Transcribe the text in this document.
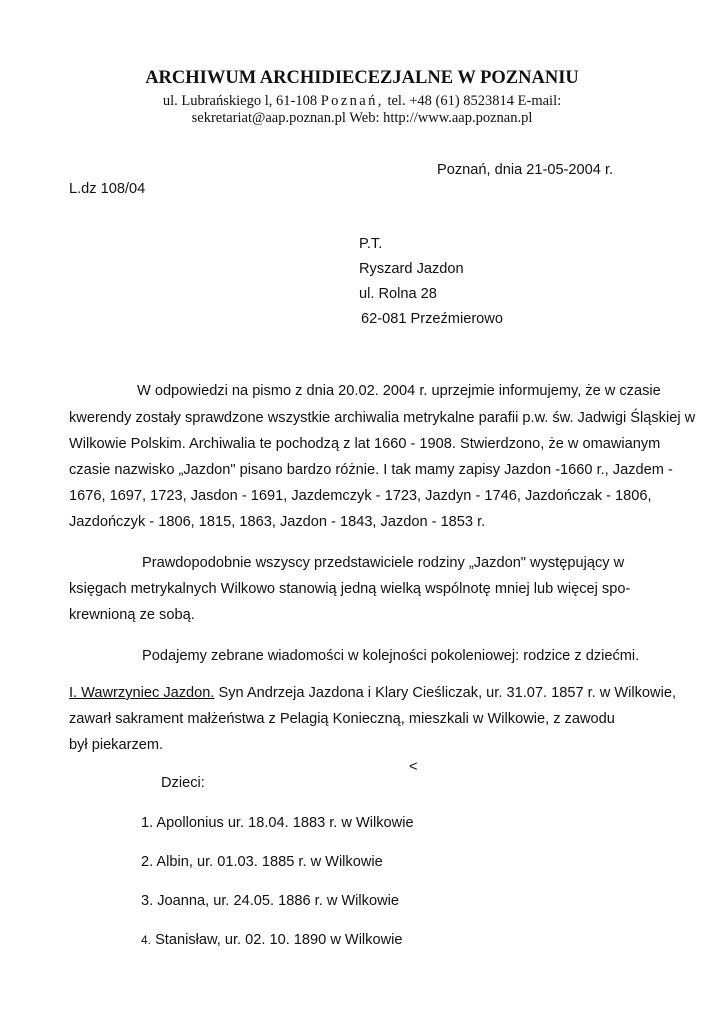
ARCHIWUM ARCHIDIECEZJALNE W POZNANIU
ul. Lubrańskiego l, 61-108 Poznań, tel. +48 (61) 8523814 E-mail:
sekretariat@aap.poznan.pl Web: http://www.aap.poznan.pl
Poznań, dnia 21-05-2004 r.
L.dz 108/04
P.T.
Ryszard Jazdon
ul. Rolna 28
62-081 Przeźmierowo
W odpowiedzi na pismo z dnia 20.02. 2004 r. uprzejmie informujemy, że w czasie
kwerendy zostały sprawdzone wszystkie archiwalia metrykalne parafii p.w. św. Jadwigi Śląskiej w
Wilkowie Polskim. Archiwalia te pochodzą z lat 1660 - 1908. Stwierdzono, że w omawianym
czasie nazwisko „Jazdon" pisano bardzo różnie. I tak mamy zapisy Jazdon -1660 r., Jazdem -
1676, 1697, 1723, Jasdon - 1691, Jazdemczyk - 1723, Jazdyn - 1746, Jazdończak - 1806,
Jazdończyk - 1806, 1815, 1863, Jazdon - 1843, Jazdon - 1853 r.
Prawdopodobnie wszyscy przedstawiciele rodziny „Jazdon" występujący w
księgach metrykalnych Wilkowo stanowią jedną wielką wspólnotę mniej lub więcej spo-
krewnioną ze sobą.
Podajemy zebrane wiadomości w kolejności pokoleniowej: rodzice z dziećmi.
I. Wawrzyniec Jazdon. Syn Andrzeja Jazdona i Klary Cieśliczak, ur. 31.07. 1857 r. w Wilkowie,
zawarł sakrament małżeństwa z Pelagią Konieczną, mieszkali w Wilkowie, z zawodu
był piekarzem.
<
Dzieci:
1. Apollonius ur. 18.04. 1883 r. w Wilkowie
2. Albin, ur. 01.03. 1885 r. w Wilkowie
3. Joanna, ur. 24.05. 1886 r. w Wilkowie
4. Stanisław, ur. 02. 10. 1890 w Wilkowie
